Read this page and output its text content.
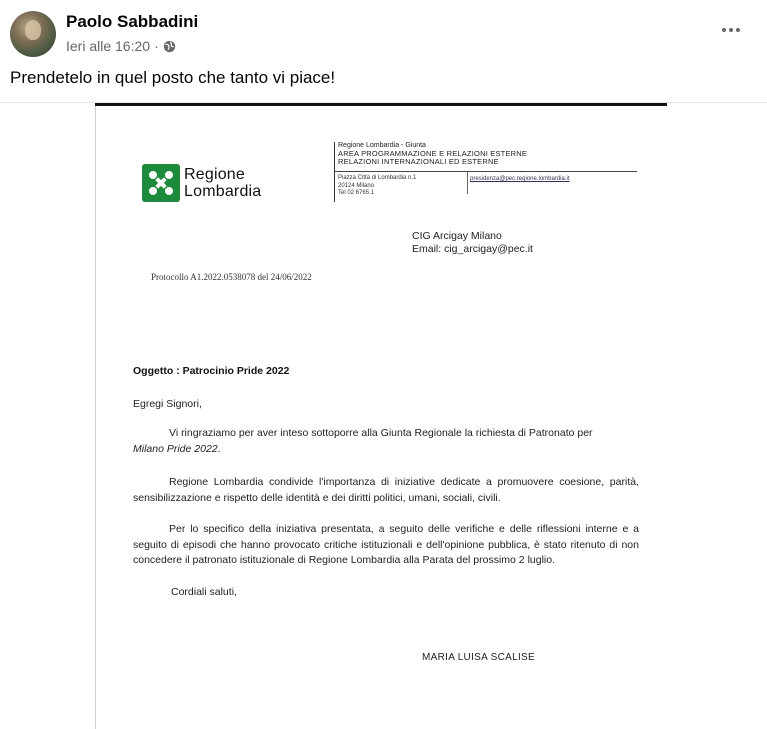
Paolo Sabbadini
Ieri alle 16:20 ·
Prendetelo in quel posto che tanto vi piace!
Regione
Lombardia
Regione Lombardia - Giunta
AREA PROGRAMMAZIONE E RELAZIONI ESTERNE
RELAZIONI INTERNAZIONALI ED ESTERNE
Piazza Città di Lombardia n.1
20124 Milano
Tel 02 6765.1
presidenza@pec.regione.lombardia.it
CIG Arcigay Milano
Email: cig_arcigay@pec.it
Protocollo A1.2022.0538078 del 24/06/2022
Oggetto : Patrocinio Pride 2022
Egregi Signori,
Vi ringraziamo per aver inteso sottoporre alla Giunta Regionale la richiesta di Patronato per
Milano Pride 2022.
Regione Lombardia condivide l'importanza di iniziative dedicate a promuovere coesione, parità, sensibilizzazione e rispetto delle identità e dei diritti politici, umani, sociali, civili.
Per lo specifico della iniziativa presentata, a seguito delle verifiche e delle riflessioni interne e a seguito di episodi che hanno provocato critiche istituzionali e dell'opinione pubblica, è stato ritenuto di non concedere il patronato istituzionale di Regione Lombardia alla Parata del prossimo 2 luglio.
Cordiali saluti,
MARIA LUISA SCALISE
